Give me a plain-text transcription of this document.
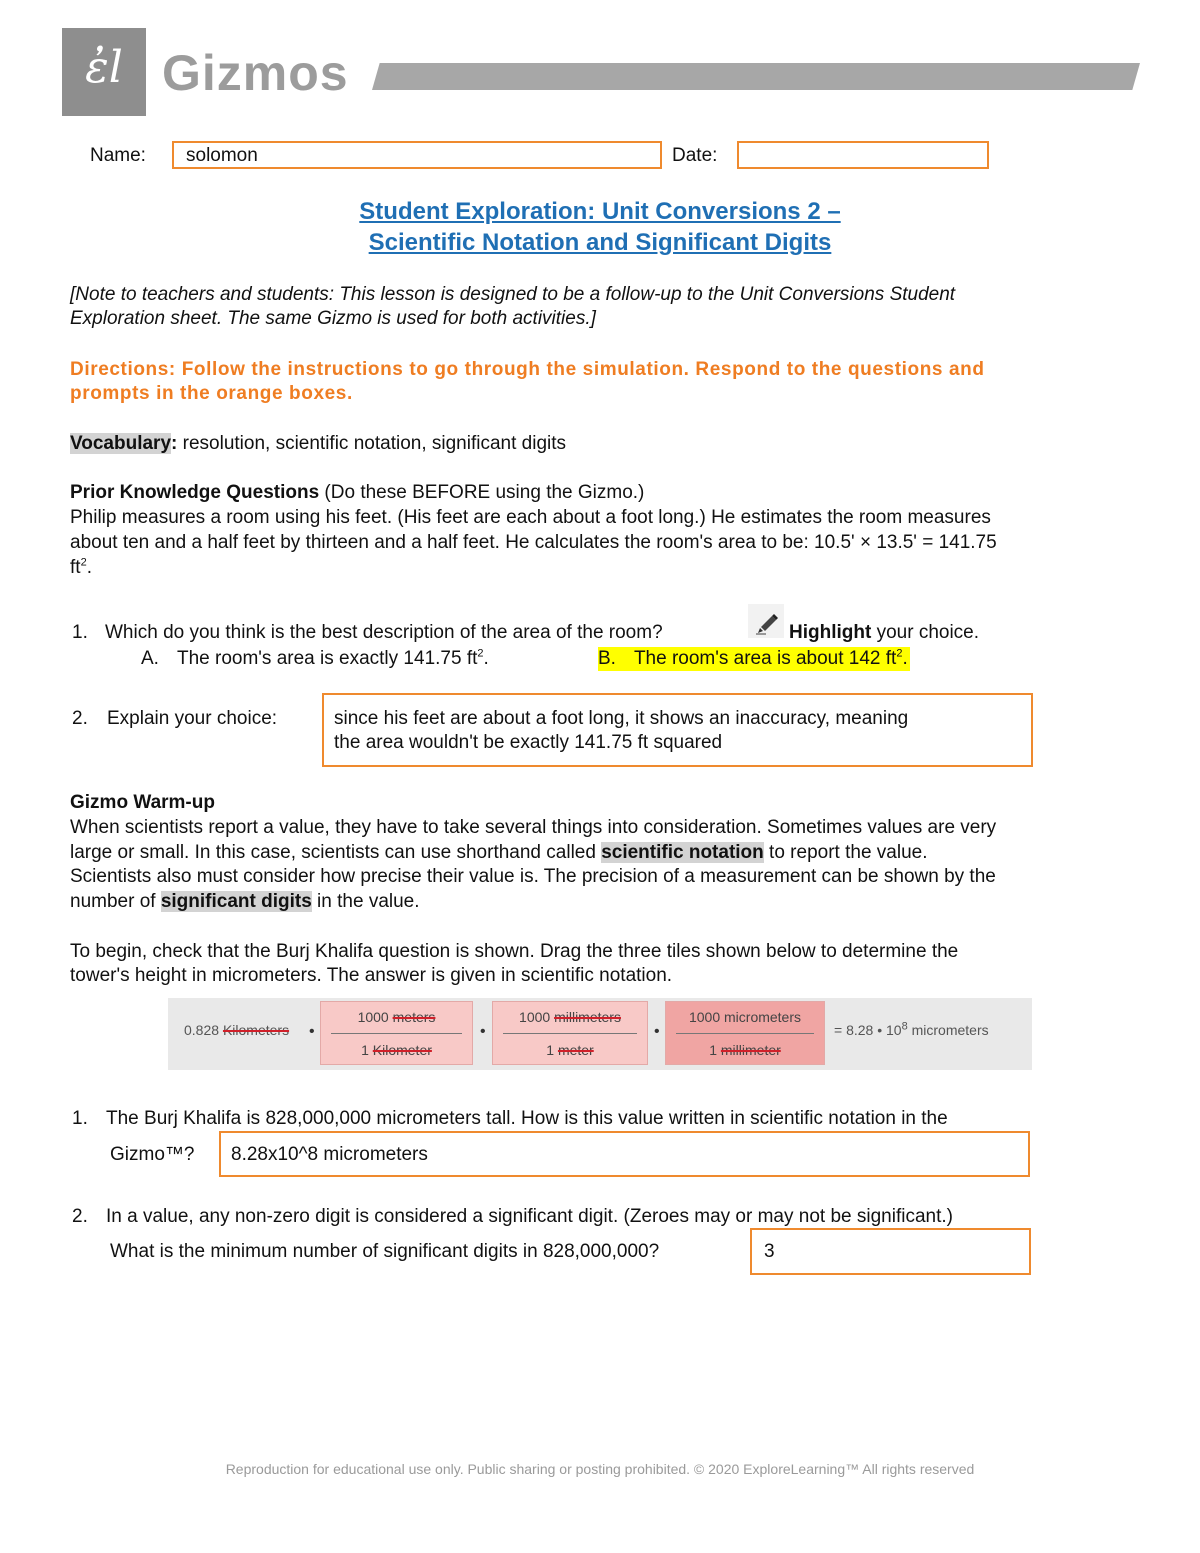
ἐl Gizmos
Name:	solomon	Date:
Student Exploration: Unit Conversions 2 –
Scientific Notation and Significant Digits
[Note to teachers and students: This lesson is designed to be a follow-up to the Unit Conversions Student
Exploration sheet. The same Gizmo is used for both activities.]
Directions: Follow the instructions to go through the simulation. Respond to the questions and
prompts in the orange boxes.
Vocabulary: resolution, scientific notation, significant digits
Prior Knowledge Questions (Do these BEFORE using the Gizmo.)
Philip measures a room using his feet. (His feet are each about a foot long.) He estimates the room measures
about ten and a half feet by thirteen and a half feet. He calculates the room's area to be: 10.5' × 13.5' = 141.75
$ft^2$.
1. Which do you think is the best description of the area of the room?	Highlight your choice.
A. The room's area is exactly 141.75 $ft^2$.	B. The room's area is about 142 $ft^2$.
2. Explain your choice:	since his feet are about a foot long, it shows an inaccuracy, meaning
the area wouldn't be exactly 141.75 ft squared
Gizmo Warm-up
When scientists report a value, they have to take several things into consideration. Sometimes values are very
large or small. In this case, scientists can use shorthand called scientific notation to report the value.
Scientists also must consider how precise their value is. The precision of a measurement can be shown by the
number of significant digits in the value.
To begin, check that the Burj Khalifa question is shown. Drag the three tiles shown below to determine the
tower's height in micrometers. The answer is given in scientific notation.
0.828 Kilometers •
1000 meters
1 Kilometer
•
1000 millimeters
1 meter
•
1000 micrometers
1 millimeter
= 8.28 • $10^8$ micrometers
1. The Burj Khalifa is 828,000,000 micrometers tall. How is this value written in scientific notation in the
Gizmo™?	8.28x10^8 micrometers
2. In a value, any non-zero digit is considered a significant digit. (Zeroes may or may not be significant.)
What is the minimum number of significant digits in 828,000,000?	3
Reproduction for educational use only. Public sharing or posting prohibited. © 2020 ExploreLearning™ All rights reserved
